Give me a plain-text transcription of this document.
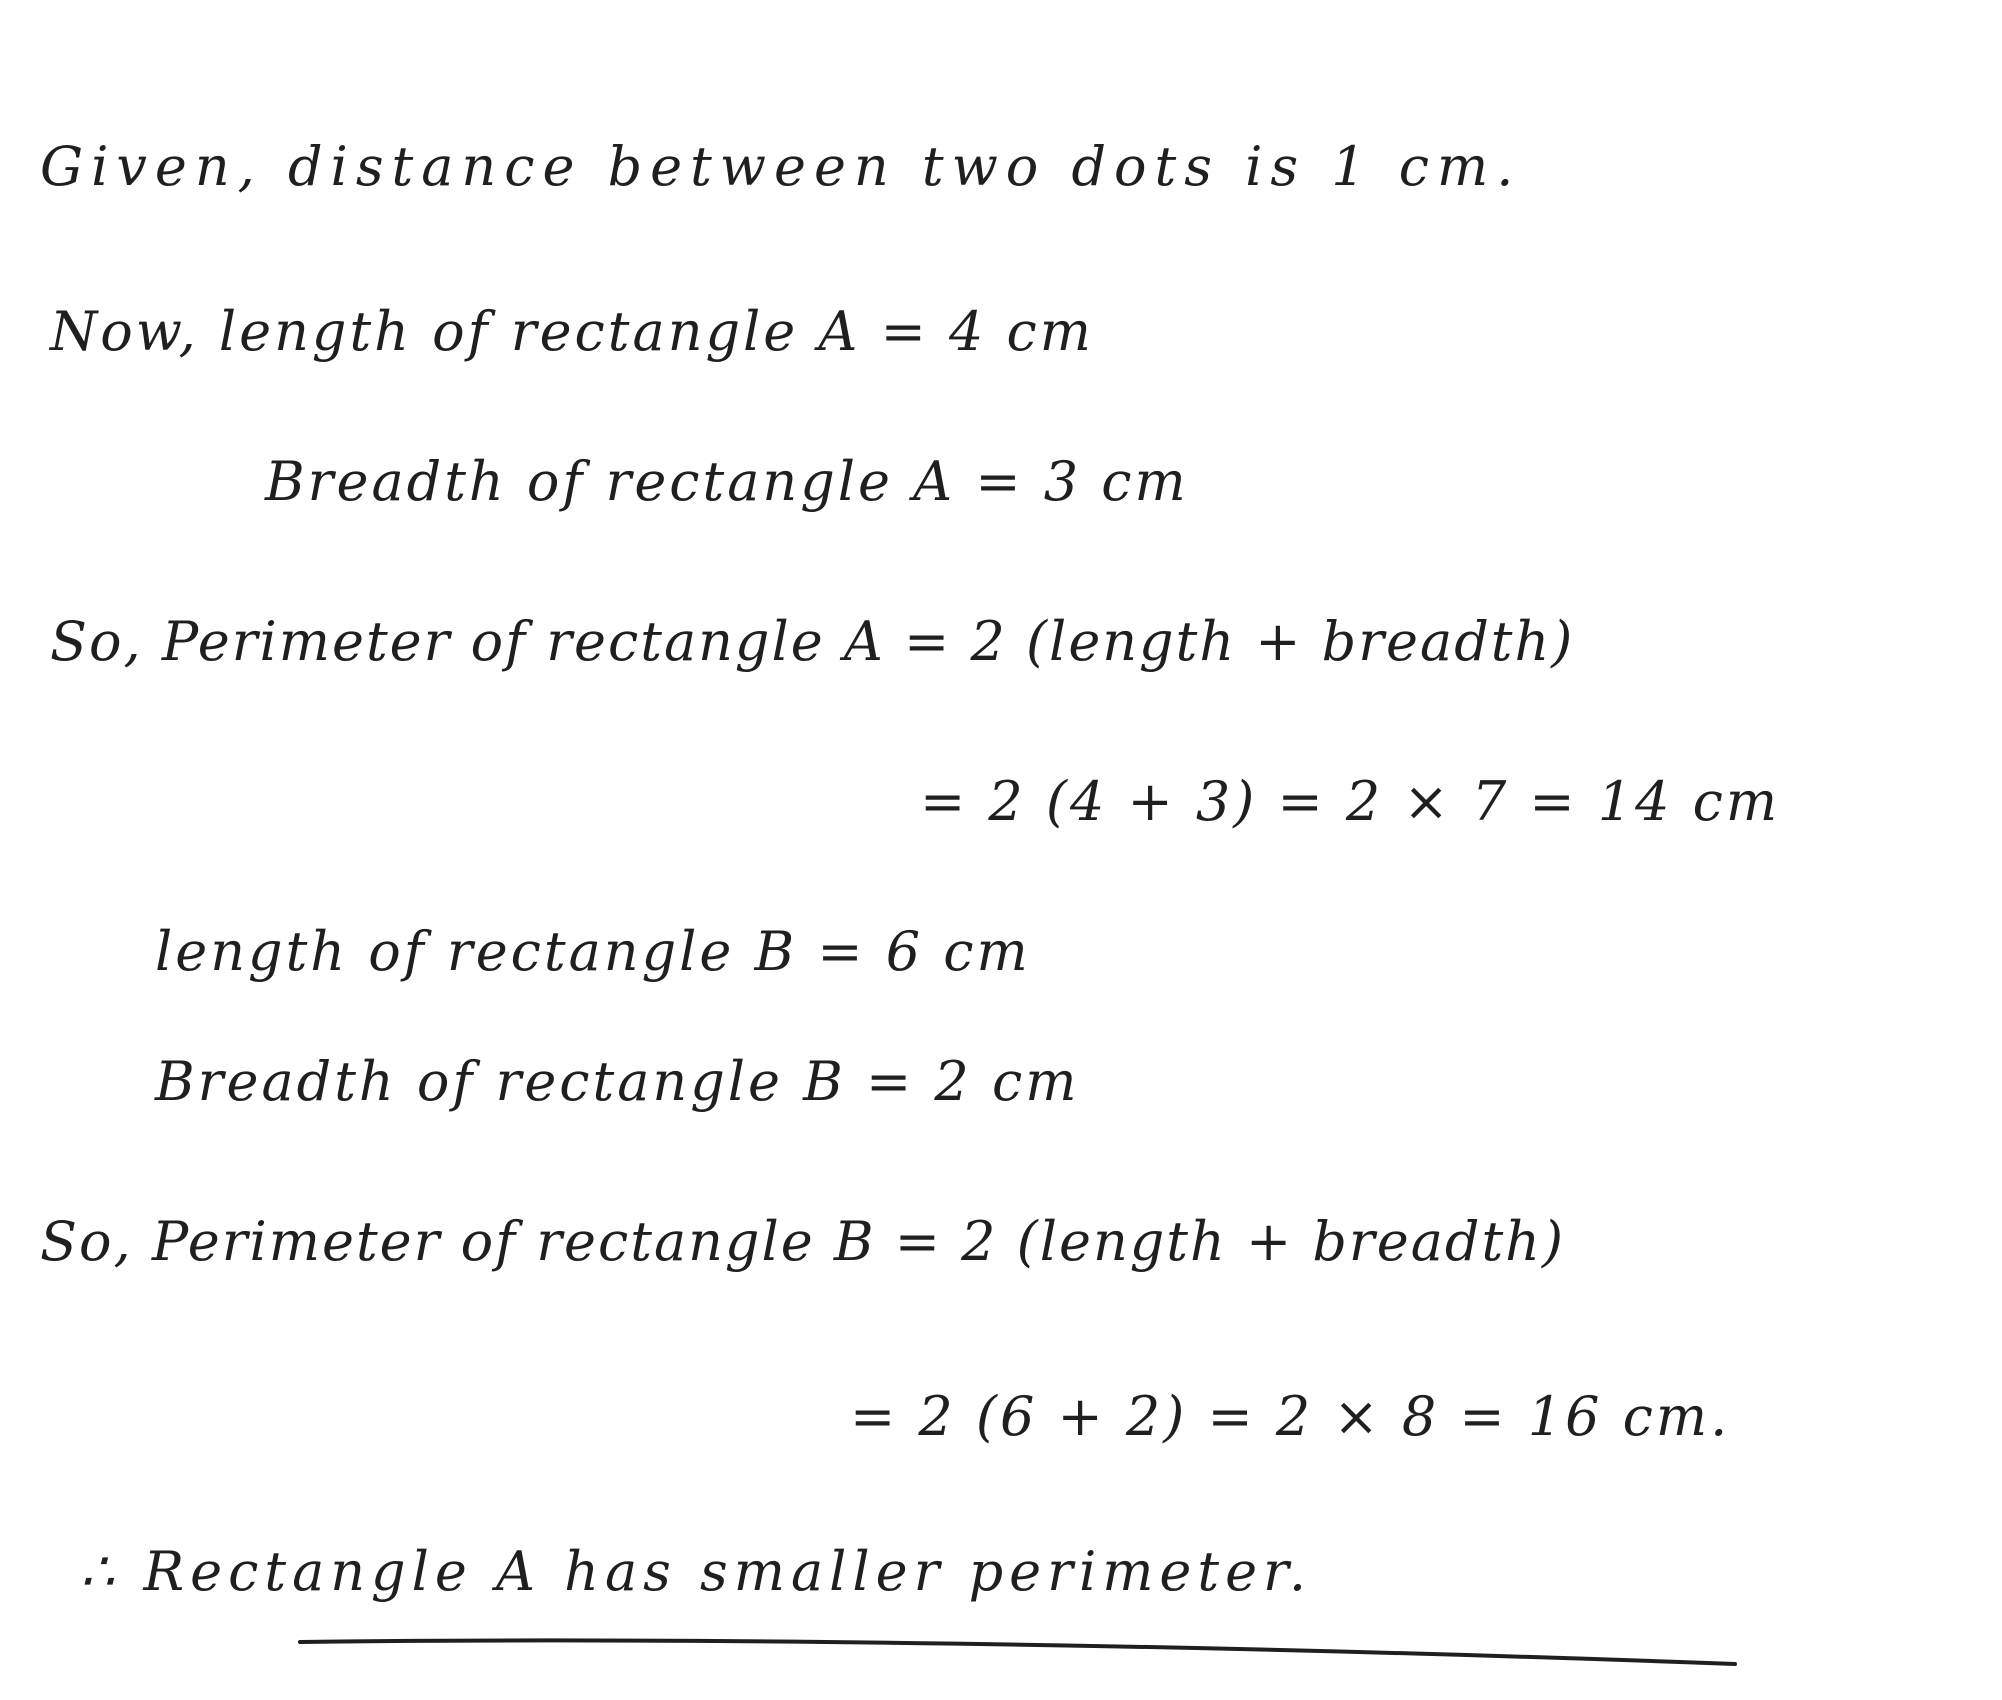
Given, distance between two dots is 1 cm.
Now, length of rectangle A = 4 cm
Breadth of rectangle A = 3 cm
So, Perimeter of rectangle A = 2 (length + breadth)
= 2 (4 + 3) = 2 × 7 = 14 cm
length of rectangle B = 6 cm
Breadth of rectangle B = 2 cm
So, Perimeter of rectangle B = 2 (length + breadth)
= 2 (6 + 2) = 2 × 8 = 16 cm.
∴ Rectangle A has smaller perimeter.
